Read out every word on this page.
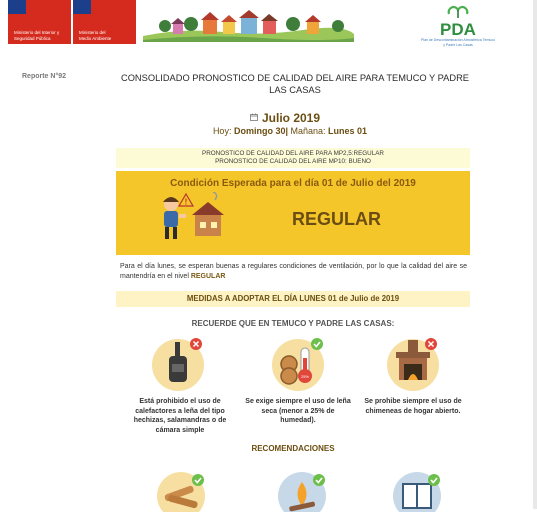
Ministerio del Interior y Seguridad Pública
Ministerio del Medio Ambiente	PDA
Plan de Descontaminación Atmosférica Temuco y Padre Las Casas
Reporte N°92	CONSOLIDADO PRONOSTICO DE CALIDAD DEL AIRE PARA TEMUCO Y PADRE LAS CASAS
Julio 2019
Hoy: Domingo 30| Mañana: Lunes 01
PRONOSTICO DE CALIDAD DEL AIRE PARA MP2,5:REGULAR
PRONOSTICO DE CALIDAD DEL AIRE MP10: BUENO
Condición Esperada para el día 01 de Julio del 2019
!
REGULAR
Para el día lunes, se esperan buenas a regulares condiciones de ventilación, por lo que la calidad del aire se mantendría en el nivel REGULAR
MEDIDAS A ADOPTAR EL DÍA LUNES 01 de Julio de 2019
RECUERDE QUE EN TEMUCO Y PADRE LAS CASAS:
Está prohibido el uso de calefactores a leña del tipo hechizas, salamandras o de cámara simple
25%
Se exige siempre el uso de leña seca (menor a 25% de humedad).
Se prohibe siempre el uso de chimeneas de hogar abierto.
RECOMENDACIONES
